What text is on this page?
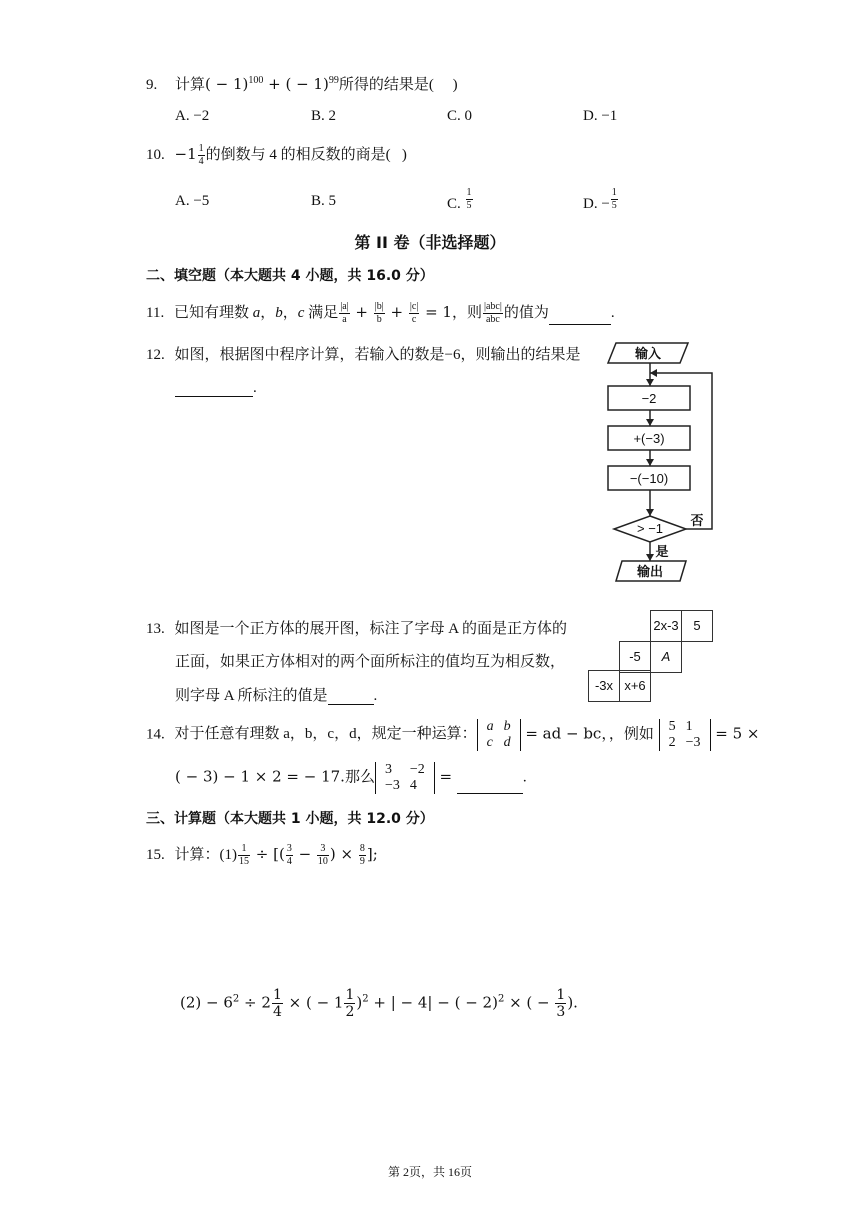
9. 计算( − 1)$^{100}$ + ( − 1)$^{99}$所得的结果是(     )
A. −2	B. 2	C. 0	D. −1
10. $-1 \frac{1}{4}$ 的倒数与 4 的相反数的商是(   )
A. −5	B. 5	C. $\frac{1}{5}$	D. − $\frac{1}{5}$
第 II 卷（非选择题）
二、填空题（本大题共 4 小题，共 16.0 分）
11. 已知有理数 a，b，c 满足 $\frac{|a|}{a} + \frac{|b|}{b} + \frac{|c|}{c} = 1$，则 $\frac{\text{|abc|}}{\text{abc}}$ 的值为	.
12. 如图，根据图中程序计算，若输入的数是−6，则输出的结果是
.
输入
−2
+(−3)
−(−10)
> −1
否
是
输出
13. 如图是一个正方体的展开图，标注了字母 A 的面是正方体的
正面，如果正方体相对的两个面所标注的值均互为相反数，
则字母 A 所标注的值是	.
2x-3	5
-5	A
-3x x+6
14. 对于任意有理数 a，b，c，d，规定一种运算： a	b
c	d
= ad − bc，，例如 5	1
2	−3
= 5 ×
( − 3) − 1 × 2 = − 17.那么 3	−2
−3	4
=	.
三、计算题（本大题共 1 小题，共 12.0 分）
15. 计算：$(1) \frac{1}{15}$ ÷ [( $\frac{3}{4} - \frac{3}{10}$ ) × $\frac{8}{9}$ ];
$(2) - 6^2 \div 2 \frac{1}{4}$ × ( − $1 \frac{1}{2} )^2$ + | − 4| − ( − 2)$^2$ × ( − $\frac{1}{3}$ ).
第 2页，共 16页
